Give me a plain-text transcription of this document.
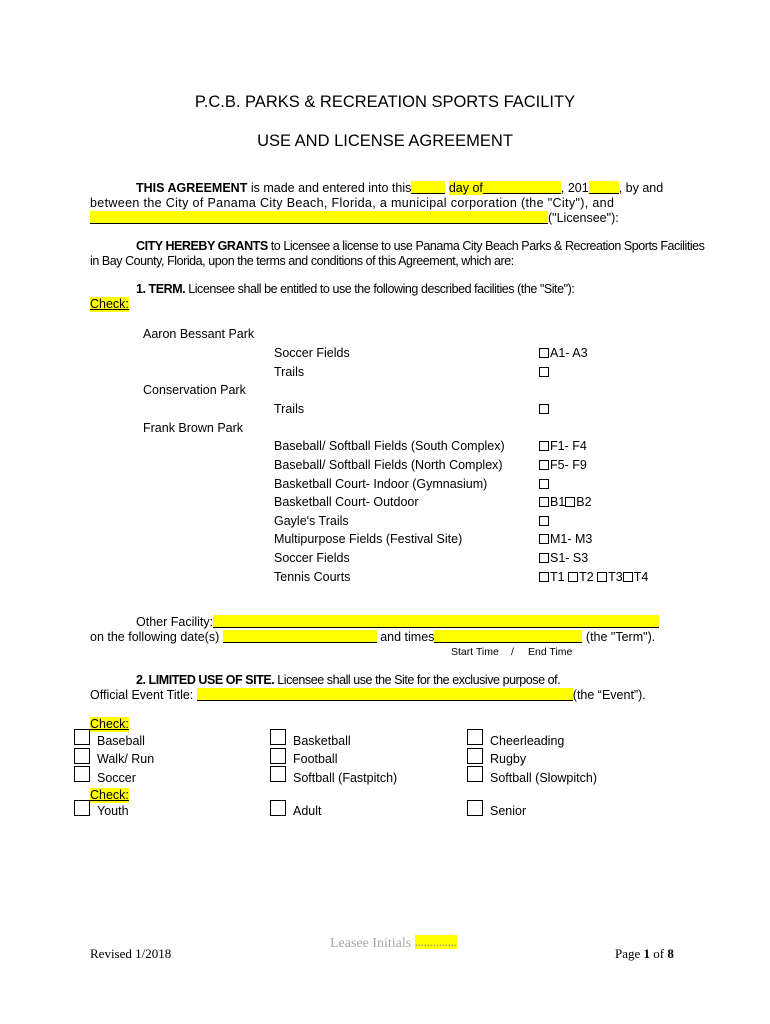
P.C.B. PARKS & RECREATION SPORTS FACILITY
USE AND LICENSE AGREEMENT
THIS AGREEMENT is made and entered into this	day of	, 201 , by and
between the City of Panama City Beach, Florida, a municipal corporation (the "City"), and
("Licensee"):
CITY HEREBY GRANTS to Licensee a license to use Panama City Beach Parks & Recreation Sports Facilities
in Bay County, Florida, upon the terms and conditions of this Agreement, which are:
1. TERM. Licensee shall be entitled to use the following described facilities (the "Site"):
Check:
Aaron Bessant Park
Soccer Fields	A1- A3
Trails
Conservation Park
Trails
Frank Brown Park
Baseball/ Softball Fields (South Complex)	F1- F4
Baseball/ Softball Fields (North Complex)	F5- F9
Basketball Court- Indoor (Gymnasium)
Basketball Court- Outdoor	B1 B2
Gayle's Trails
Multipurpose Fields (Festival Site)	M1- M3
Soccer Fields	S1- S3
Tennis Courts	T1 T2 T3 T4
Other Facility:
on the following date(s)	and times	(the "Term").
Start Time / End Time
2. LIMITED USE OF SITE. Licensee shall use the Site for the exclusive purpose of.
Official Event Title:	(the “Event”).
Check:
Baseball	Basketball	Cheerleading
Walk/ Run	Football	Rugby
Soccer	Softball (Fastpitch)	Softball (Slowpitch)
Check:
Youth	Adult	Senior
Revised 1/2018
Leasee Initials ..............
Page 1 of 8
